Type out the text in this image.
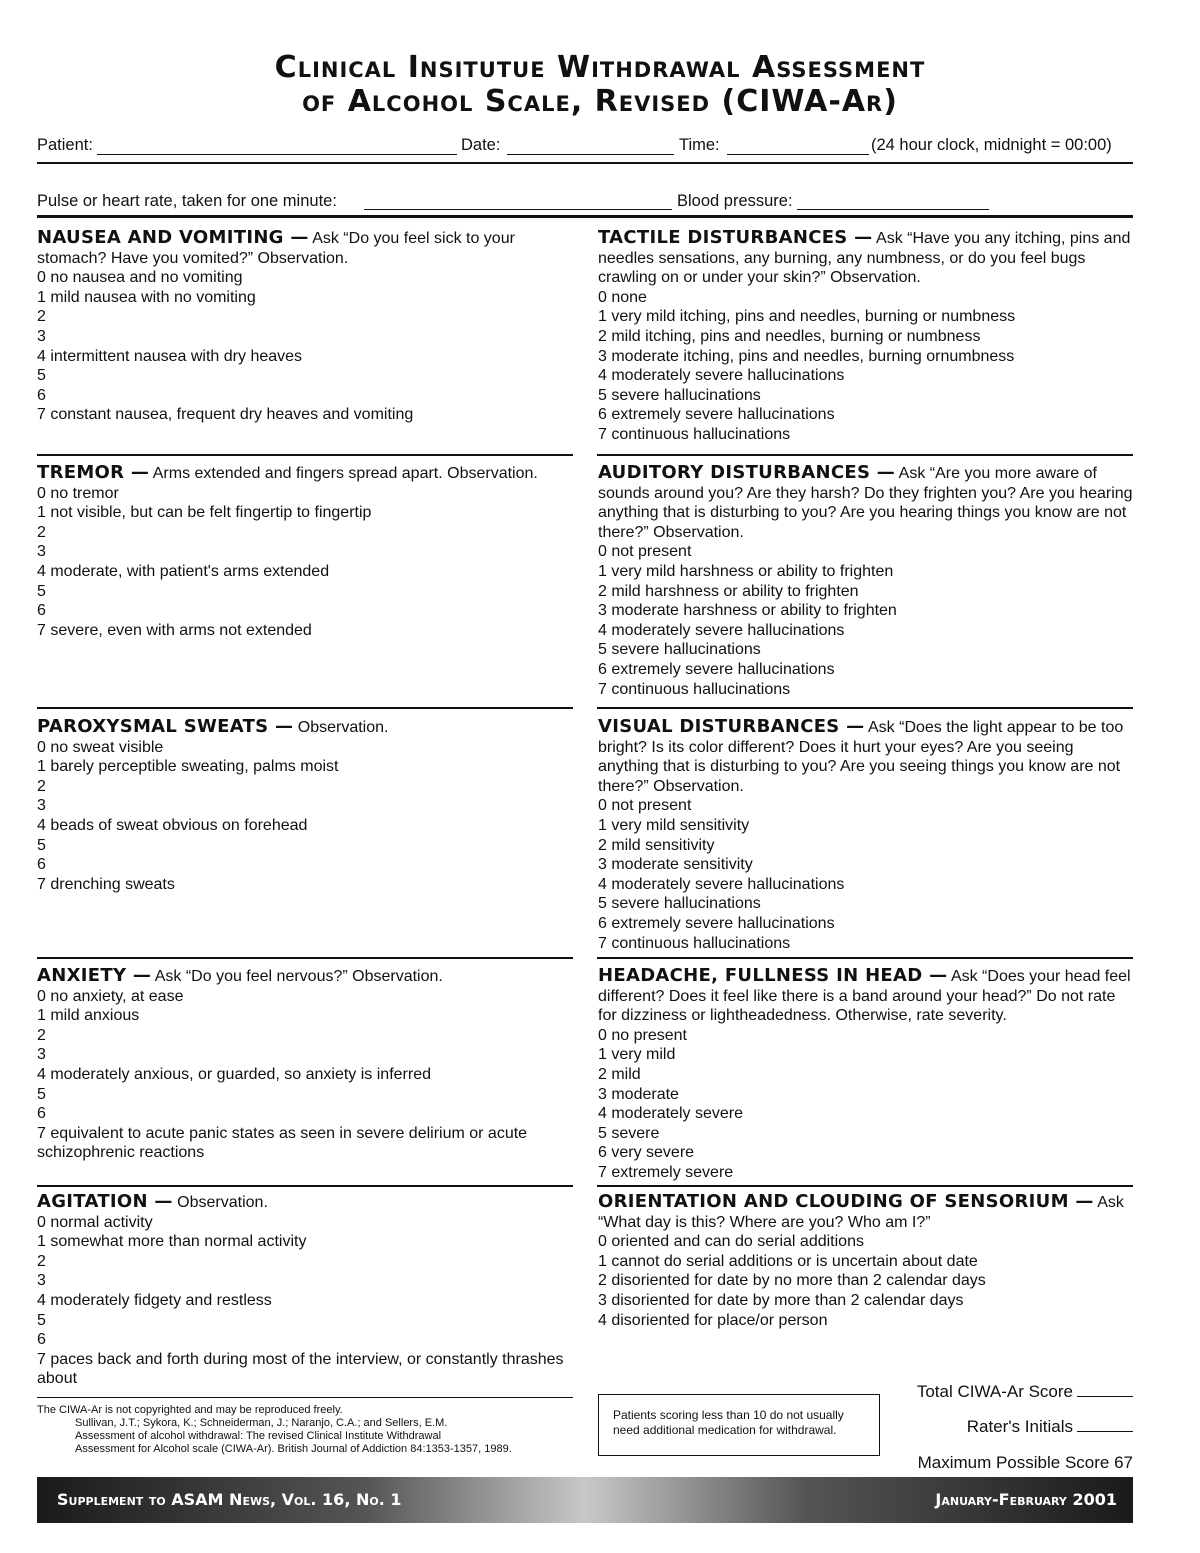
Clinical Insitutue Withdrawal Assessment
of Alcohol Scale, Revised (CIWA-Ar)
Patient:	Date:	Time:	(24 hour clock, midnight = 00:00)
Pulse or heart rate, taken for one minute:	Blood pressure:
NAUSEA AND VOMITING — Ask “Do you feel sick to your stomach? Have you vomited?” Observation.
0 no nausea and no vomiting
1 mild nausea with no vomiting
2
3
4 intermittent nausea with dry heaves
5
6
7 constant nausea, frequent dry heaves and vomiting
TACTILE DISTURBANCES — Ask “Have you any itching, pins and needles sensations, any burning, any numbness, or do you feel bugs crawling on or under your skin?” Observation.
0 none
1 very mild itching, pins and needles, burning or numbness
2 mild itching, pins and needles, burning or numbness
3 moderate itching, pins and needles, burning ornumbness
4 moderately severe hallucinations
5 severe hallucinations
6 extremely severe hallucinations
7 continuous hallucinations
TREMOR — Arms extended and fingers spread apart. Observation.
0 no tremor
1 not visible, but can be felt fingertip to fingertip
2
3
4 moderate, with patient's arms extended
5
6
7 severe, even with arms not extended
AUDITORY DISTURBANCES — Ask “Are you more aware of sounds around you? Are they harsh? Do they frighten you? Are you hearing anything that is disturbing to you? Are you hearing things you know are not there?” Observation.
0 not present
1 very mild harshness or ability to frighten
2 mild harshness or ability to frighten
3 moderate harshness or ability to frighten
4 moderately severe hallucinations
5 severe hallucinations
6 extremely severe hallucinations
7 continuous hallucinations
PAROXYSMAL SWEATS — Observation.
0 no sweat visible
1 barely perceptible sweating, palms moist
2
3
4 beads of sweat obvious on forehead
5
6
7 drenching sweats
VISUAL DISTURBANCES — Ask “Does the light appear to be too bright? Is its color different? Does it hurt your eyes? Are you seeing anything that is disturbing to you? Are you seeing things you know are not there?” Observation.
0 not present
1 very mild sensitivity
2 mild sensitivity
3 moderate sensitivity
4 moderately severe hallucinations
5 severe hallucinations
6 extremely severe hallucinations
7 continuous hallucinations
ANXIETY — Ask “Do you feel nervous?” Observation.
0 no anxiety, at ease
1 mild anxious
2
3
4 moderately anxious, or guarded, so anxiety is inferred
5
6
7 equivalent to acute panic states as seen in severe delirium or acute schizophrenic reactions
HEADACHE, FULLNESS IN HEAD — Ask “Does your head feel different? Does it feel like there is a band around your head?” Do not rate for dizziness or lightheadedness. Otherwise, rate severity.
0 no present
1 very mild
2 mild
3 moderate
4 moderately severe
5 severe
6 very severe
7 extremely severe
AGITATION — Observation.
0 normal activity
1 somewhat more than normal activity
2
3
4 moderately fidgety and restless
5
6
7 paces back and forth during most of the interview, or constantly thrashes about
ORIENTATION AND CLOUDING OF SENSORIUM — Ask “What day is this? Where are you? Who am I?”
0 oriented and can do serial additions
1 cannot do serial additions or is uncertain about date
2 disoriented for date by no more than 2 calendar days
3 disoriented for date by more than 2 calendar days
4 disoriented for place/or person
The CIWA-Ar is not copyrighted and may be reproduced freely.
Sullivan, J.T.; Sykora, K.; Schneiderman, J.; Naranjo, C.A.; and Sellers, E.M.
Assessment of alcohol withdrawal: The revised Clinical Institute Withdrawal
Assessment for Alcohol scale (CIWA-Ar). British Journal of Addiction 84:1353-1357, 1989.
Patients scoring less than 10 do not usually need additional medication for withdrawal.
Total CIWA-Ar Score
Rater's Initials
Maximum Possible Score 67
Supplement to ASAM News, Vol. 16, No. 1	January-February 2001
